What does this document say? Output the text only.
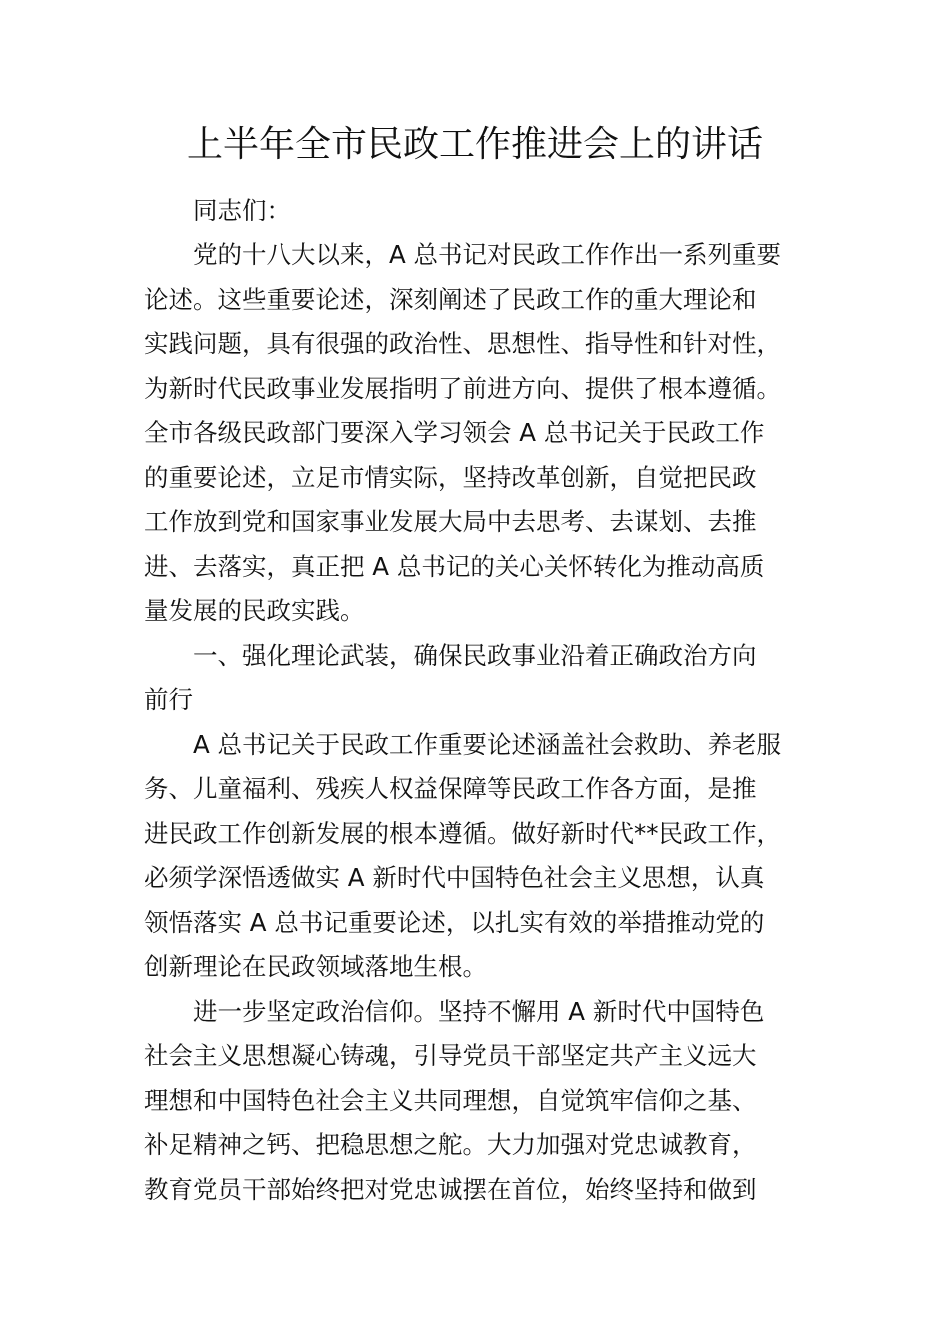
上半年全市民政工作推进会上的讲话
同志们：
党的十八大以来，A 总书记对民政工作作出一系列重要
论述。这些重要论述，深刻阐述了民政工作的重大理论和
实践问题，具有很强的政治性、思想性、指导性和针对性，
为新时代民政事业发展指明了前进方向、提供了根本遵循。
全市各级民政部门要深入学习领会 A 总书记关于民政工作
的重要论述，立足市情实际，坚持改革创新，自觉把民政
工作放到党和国家事业发展大局中去思考、去谋划、去推
进、去落实，真正把 A 总书记的关心关怀转化为推动高质
量发展的民政实践。
一、强化理论武装，确保民政事业沿着正确政治方向
前行
A 总书记关于民政工作重要论述涵盖社会救助、养老服
务、儿童福利、残疾人权益保障等民政工作各方面，是推
进民政工作创新发展的根本遵循。做好新时代**民政工作，
必须学深悟透做实 A 新时代中国特色社会主义思想，认真
领悟落实 A 总书记重要论述，以扎实有效的举措推动党的
创新理论在民政领域落地生根。
进一步坚定政治信仰。坚持不懈用 A 新时代中国特色
社会主义思想凝心铸魂，引导党员干部坚定共产主义远大
理想和中国特色社会主义共同理想，自觉筑牢信仰之基、
补足精神之钙、把稳思想之舵。大力加强对党忠诚教育，
教育党员干部始终把对党忠诚摆在首位，始终坚持和做到
